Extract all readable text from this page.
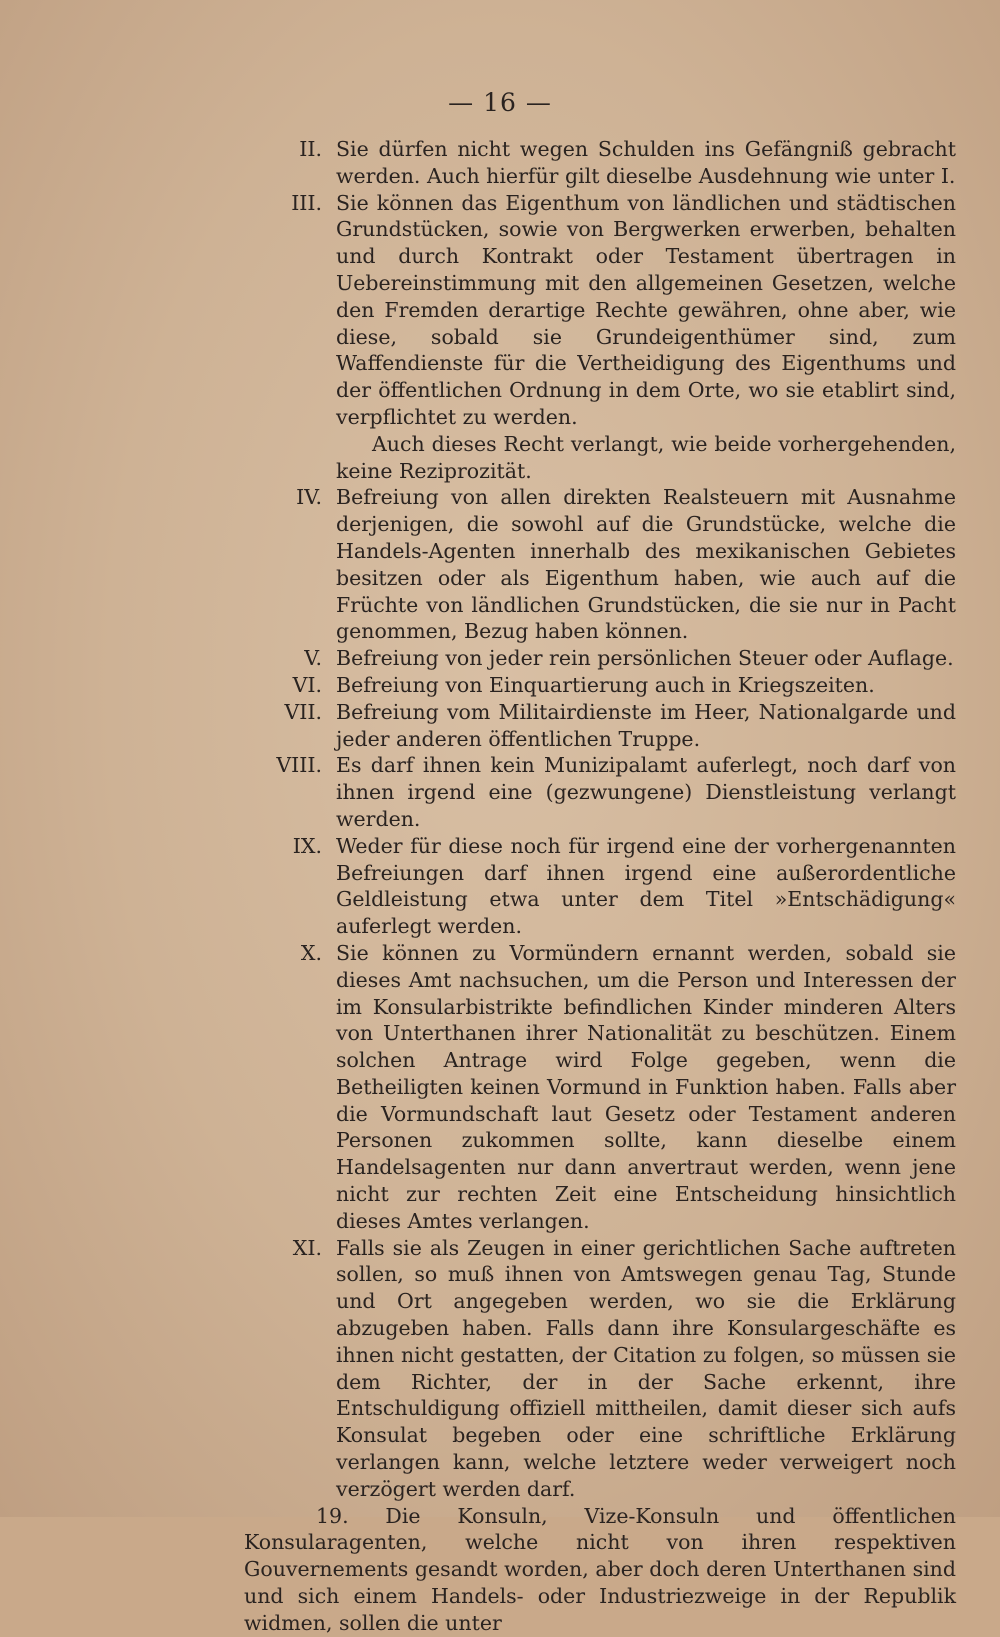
— 16 —
II. Sie dürfen nicht wegen Schulden ins Gefängniß gebracht werden. Auch hierfür gilt dieselbe Ausdehnung wie unter I.
III. Sie können das Eigenthum von ländlichen und städtischen Grundstücken, sowie von Bergwerken erwerben, behalten und durch Kontrakt oder Testament übertragen in Uebereinstimmung mit den allgemeinen Gesetzen, welche den Fremden derartige Rechte gewähren, ohne aber, wie diese, sobald sie Grundeigenthümer sind, zum Waffendienste für die Vertheidigung des Eigenthums und der öffentlichen Ordnung in dem Orte, wo sie etablirt sind, verpflichtet zu werden.

Auch dieses Recht verlangt, wie beide vorhergehenden, keine Reziprozität.

IV. Befreiung von allen direkten Realsteuern mit Ausnahme derjenigen, die sowohl auf die Grundstücke, welche die Handels-Agenten innerhalb des mexikanischen Gebietes besitzen oder als Eigenthum haben, wie auch auf die Früchte von ländlichen Grundstücken, die sie nur in Pacht genommen, Bezug haben können.
V. Befreiung von jeder rein persönlichen Steuer oder Auflage.
VI. Befreiung von Einquartierung auch in Kriegszeiten.
VII. Befreiung vom Militairdienste im Heer, Nationalgarde und jeder anderen öffentlichen Truppe.
VIII. Es darf ihnen kein Munizipalamt auferlegt, noch darf von ihnen irgend eine (gezwungene) Dienstleistung verlangt werden.
IX. Weder für diese noch für irgend eine der vorhergenannten Befreiungen darf ihnen irgend eine außerordentliche Geldleistung etwa unter dem Titel »Entschädigung« auferlegt werden.
X. Sie können zu Vormündern ernannt werden, sobald sie dieses Amt nachsuchen, um die Person und Interessen der im Konsularbistrikte befindlichen Kinder minderen Alters von Unterthanen ihrer Nationalität zu beschützen. Einem solchen Antrage wird Folge gegeben, wenn die Betheiligten keinen Vormund in Funktion haben. Falls aber die Vormundschaft laut Gesetz oder Testament anderen Personen zukommen sollte, kann dieselbe einem Handelsagenten nur dann anvertraut werden, wenn jene nicht zur rechten Zeit eine Entscheidung hinsichtlich dieses Amtes verlangen.
XI. Falls sie als Zeugen in einer gerichtlichen Sache auftreten sollen, so muß ihnen von Amtswegen genau Tag, Stunde und Ort angegeben werden, wo sie die Erklärung abzugeben haben. Falls dann ihre Konsulargeschäfte es ihnen nicht gestatten, der Citation zu folgen, so müssen sie dem Richter, der in der Sache erkennt, ihre Entschuldigung offiziell mittheilen, damit dieser sich aufs Konsulat begeben oder eine schriftliche Erklärung verlangen kann, welche letztere weder verweigert noch verzögert werden darf.

19. Die Konsuln, Vize-Konsuln und öffentlichen Konsularagenten, welche nicht von ihren respektiven Gouvernements gesandt worden, aber doch deren Unterthanen sind und sich einem Handels- oder Industriezweige in der Republik widmen, sollen die unter
